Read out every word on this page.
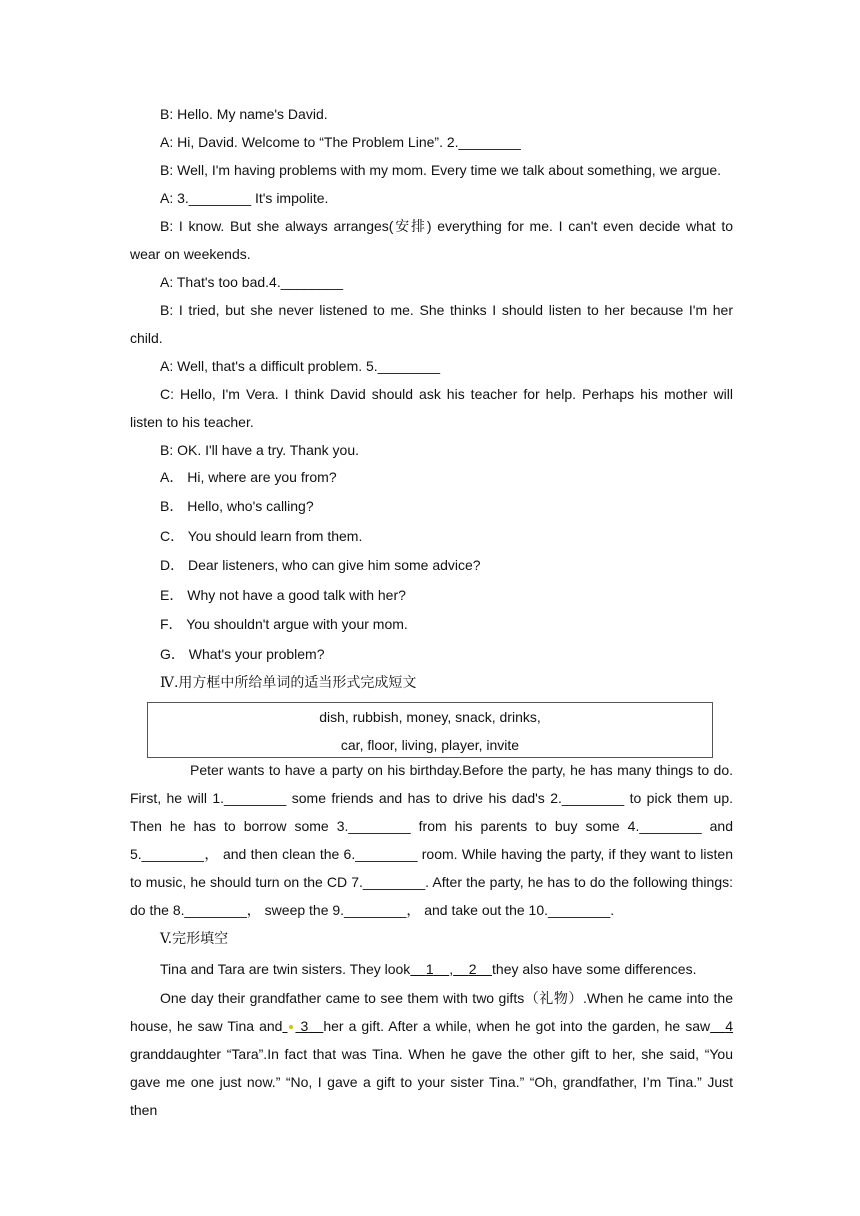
B: Hello. My name's David.

A: Hi, David. Welcome to “The Problem Line”. 2.________

B: Well, I'm having problems with my mom. Every time we talk about something, we argue.

A: 3.________ It's impolite.

B: I know. But she always arranges(安排) everything for me. I can't even decide what to wear on weekends.

A: That's too bad.4.________

B: I tried, but she never listened to me. She thinks I should listen to her because I'm her child.

A: Well, that's a difficult problem. 5.________

C: Hello, I'm Vera. I think David should ask his teacher for help. Perhaps his mother will listen to his teacher.

B: OK. I'll have a try. Thank you.

A． Hi, where are you from?
B． Hello, who's calling?
C． You should learn from them.
D． Dear listeners, who can give him some advice?
E． Why not have a good talk with her?
F． You shouldn't argue with your mom.
G． What's your problem?
Ⅳ.用方框中所给单词的适当形式完成短文
dish, rubbish, money, snack, drinks,
car, floor, living, player, invite

Peter wants to have a party on his birthday.Before the party, he has many things to do. First, he will 1.________ some friends and has to drive his dad's 2.________ to pick them up. Then he has to borrow some 3.________ from his parents to buy some 4.________ and 5.________， and then clean the 6.________ room. While having the party, if they want to listen to music, he should turn on the CD 7.________. After the party, he has to do the following things: do the 8.________， sweep the 9.________， and take out the 10.________.

V.完形填空

Tina and Tara are twin sisters. They look 1 , 2 they also have some differences.

One day their grandfather came to see them with two gifts（礼物）.When he came into the house, he saw Tina and 3 her a gift. After a while, when he got into the garden, he saw 4 granddaughter “Tara”.In fact that was Tina. When he gave the other gift to her, she said, “You gave me one just now.” “No, I gave a gift to your sister Tina.” “Oh, grandfather, I’m Tina.” Just then
